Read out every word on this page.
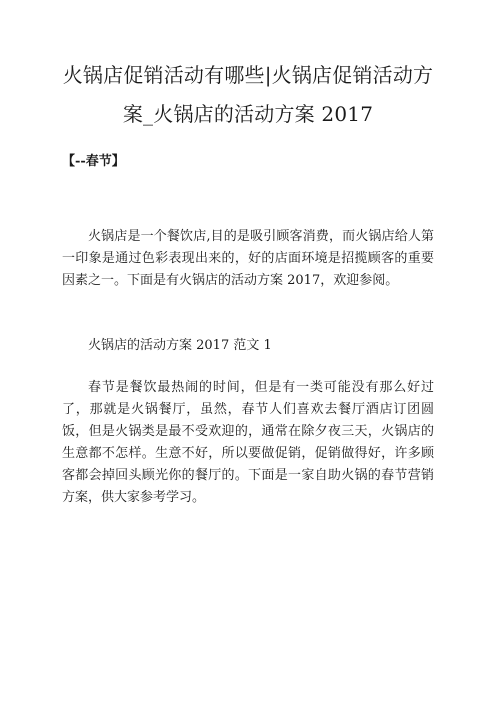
火锅店促销活动有哪些|火锅店促销活动方案_火锅店的活动方案 2017

【--春节】

火锅店是一个餐饮店,目的是吸引顾客消费，而火锅店给人第一印象是通过色彩表现出来的，好的店面环境是招揽顾客的重要因素之一。下面是有火锅店的活动方案 2017，欢迎参阅。

火锅店的活动方案 2017 范文 1

春节是餐饮最热闹的时间，但是有一类可能没有那么好过了，那就是火锅餐厅，虽然，春节人们喜欢去餐厅酒店订团圆饭，但是火锅类是最不受欢迎的，通常在除夕夜三天，火锅店的生意都不怎样。生意不好，所以要做促销，促销做得好，许多顾客都会掉回头顾光你的餐厅的。下面是一家自助火锅的春节营销方案，供大家参考学习。
